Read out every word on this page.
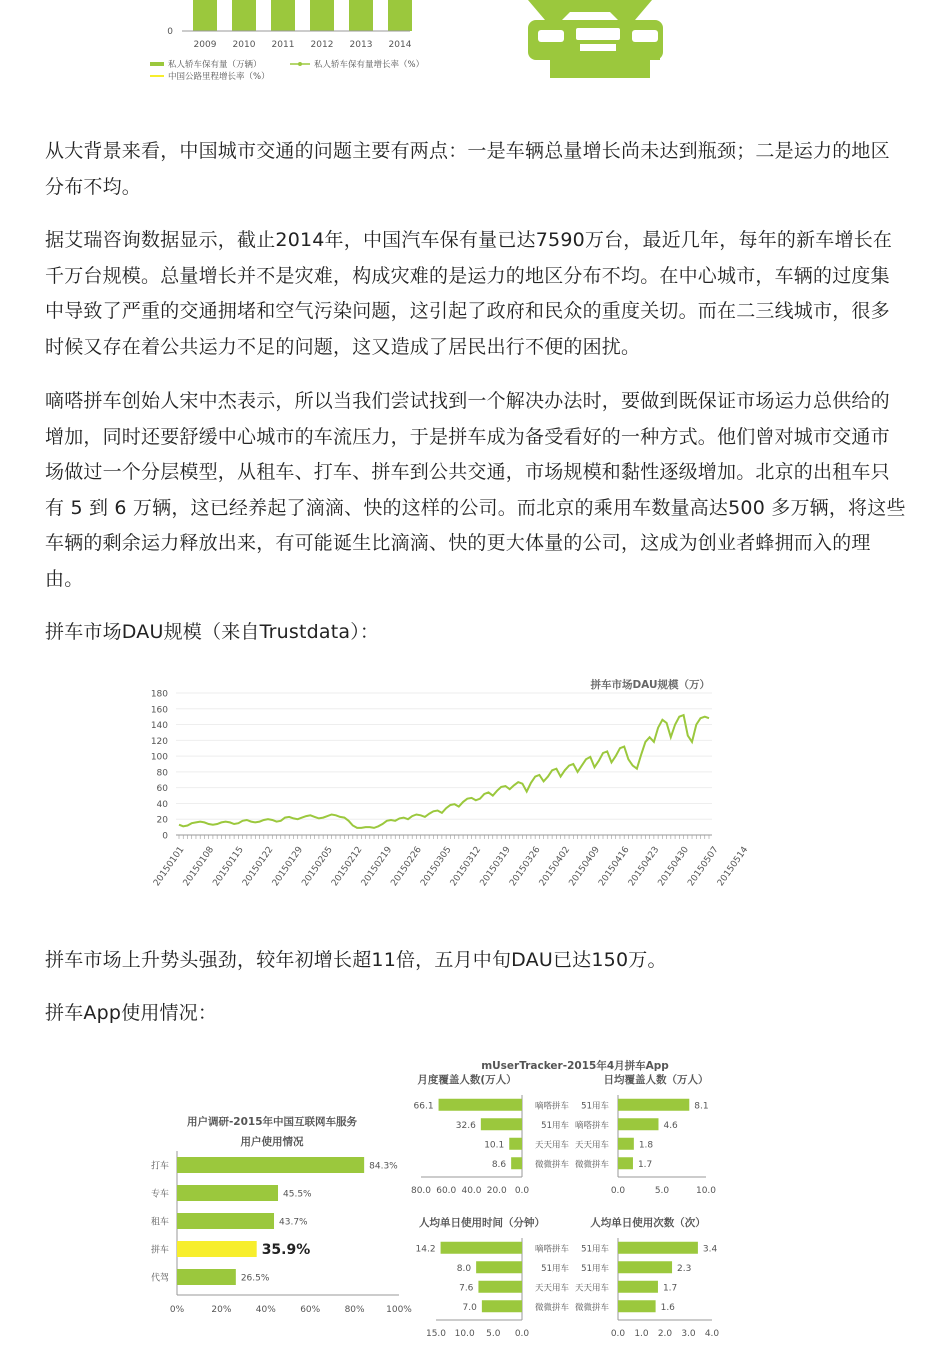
0
2009 2010 2011 2012 2013 2014
私人轿车保有量（万辆）	私人轿车保有量增长率（%）
中国公路里程增长率（%）

从大背景来看，中国城市交通的问题主要有两点：一是车辆总量增长尚未达到瓶颈；二是运力的地区分布不均。

据艾瑞咨询数据显示，截止2014年，中国汽车保有量已达7590万台，最近几年，每年的新车增长在千万台规模。总量增长并不是灾难，构成灾难的是运力的地区分布不均。在中心城市，车辆的过度集中导致了严重的交通拥堵和空气污染问题，这引起了政府和民众的重度关切。而在二三线城市，很多时候又存在着公共运力不足的问题，这又造成了居民出行不便的困扰。

嘀嗒拼车创始人宋中杰表示，所以当我们尝试找到一个解决办法时，要做到既保证市场运力总供给的增加，同时还要舒缓中心城市的车流压力，于是拼车成为备受看好的一种方式。他们曾对城市交通市场做过一个分层模型，从租车、打车、拼车到公共交通，市场规模和黏性逐级增加。北京的出租车只有 5 到 6 万辆，这已经养起了滴滴、快的这样的公司。而北京的乘用车数量高达500 多万辆，将这些车辆的剩余运力释放出来，有可能诞生比滴滴、快的更大体量的公司，这成为创业者蜂拥而入的理由。

拼车市场DAU规模（来自Trustdata）：

拼车市场DAU规模（万）
0
20
40
60
80
100
120
140
160
180
20150101
20150108
20150115
20150122
20150129
20150205
20150212
20150219
20150226
20150305
20150312
20150319
20150326
20150402
20150409
20150416
20150423
20150430
20150507
20150514

拼车市场上升势头强劲，较年初增长超11倍，五月中旬DAU已达150万。

拼车App使用情况：

用户调研-2015年中国互联网车服务
用户使用情况
打车	84.3%
专车	45.5%
租车	43.7%
拼车	35.9%
代驾	26.5%
0%	20%	40%	60%	80% 100%
mUserTracker-2015年4月拼车App
月度覆盖人数(万人）
66.1	嘀嗒拼车
32.6	51用车
10.1	天天用车
8.6	微微拼车
80.0 60.0 40.0 20.0 0.0
日均覆盖人数（万人）
8.1
51用车
4.6
嘀嗒拼车
1.8
天天用车
1.7
微微拼车
0.0	5.0	10.0
人均单日使用时间（分钟）
14.2	嘀嗒拼车
8.0	51用车
7.6	天天用车
7.0	微微拼车
15.0 10.0 5.0 0.0
人均单日使用次数（次）
3.4
51用车
2.3
51用车
1.7
天天用车
1.6
微微拼车
0.0 1.0 2.0 3.0 4.0
